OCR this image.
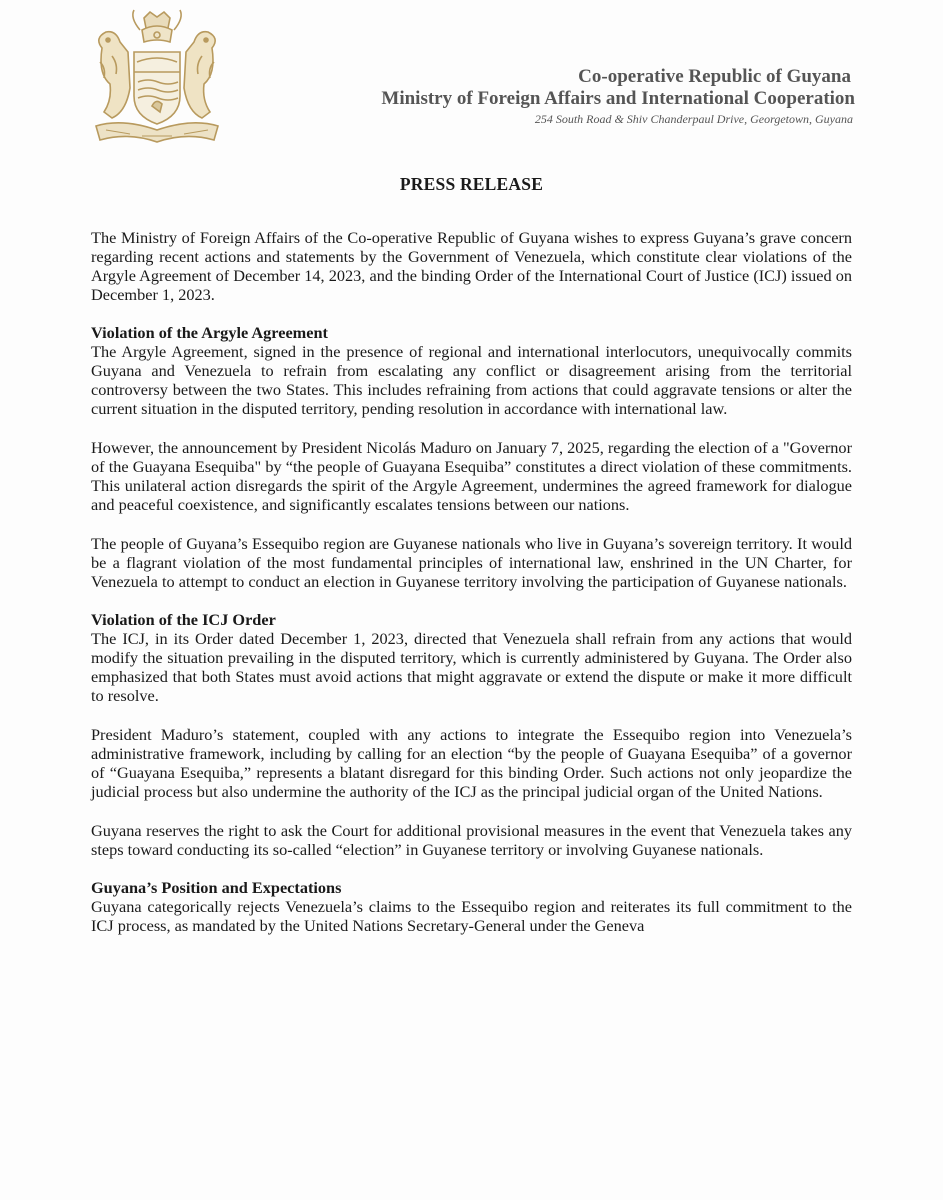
Co-operative Republic of Guyana
Ministry of Foreign Affairs and International Cooperation
254 South Road & Shiv Chanderpaul Drive, Georgetown, Guyana
PRESS RELEASE

The Ministry of Foreign Affairs of the Co-operative Republic of Guyana wishes to express Guyana’s grave concern regarding recent actions and statements by the Government of Venezuela, which constitute clear violations of the Argyle Agreement of December 14, 2023, and the binding Order of the International Court of Justice (ICJ) issued on December 1, 2023.

Violation of the Argyle Agreement

The Argyle Agreement, signed in the presence of regional and international interlocutors, unequivocally commits Guyana and Venezuela to refrain from escalating any conflict or disagreement arising from the territorial controversy between the two States. This includes refraining from actions that could aggravate tensions or alter the current situation in the disputed territory, pending resolution in accordance with international law.

However, the announcement by President Nicolás Maduro on January 7, 2025, regarding the election of a "Governor of the Guayana Esequiba" by “the people of Guayana Esequiba” constitutes a direct violation of these commitments. This unilateral action disregards the spirit of the Argyle Agreement, undermines the agreed framework for dialogue and peaceful coexistence, and significantly escalates tensions between our nations.

The people of Guyana’s Essequibo region are Guyanese nationals who live in Guyana’s sovereign territory. It would be a flagrant violation of the most fundamental principles of international law, enshrined in the UN Charter, for Venezuela to attempt to conduct an election in Guyanese territory involving the participation of Guyanese nationals.

Violation of the ICJ Order

The ICJ, in its Order dated December 1, 2023, directed that Venezuela shall refrain from any actions that would modify the situation prevailing in the disputed territory, which is currently administered by Guyana. The Order also emphasized that both States must avoid actions that might aggravate or extend the dispute or make it more difficult to resolve.

President Maduro’s statement, coupled with any actions to integrate the Essequibo region into Venezuela’s administrative framework, including by calling for an election “by the people of Guayana Esequiba” of a governor of “Guayana Esequiba,” represents a blatant disregard for this binding Order. Such actions not only jeopardize the judicial process but also undermine the authority of the ICJ as the principal judicial organ of the United Nations.

Guyana reserves the right to ask the Court for additional provisional measures in the event that Venezuela takes any steps toward conducting its so-called “election” in Guyanese territory or involving Guyanese nationals.

Guyana’s Position and Expectations

Guyana categorically rejects Venezuela’s claims to the Essequibo region and reiterates its full commitment to the ICJ process, as mandated by the United Nations Secretary-General under the Geneva
